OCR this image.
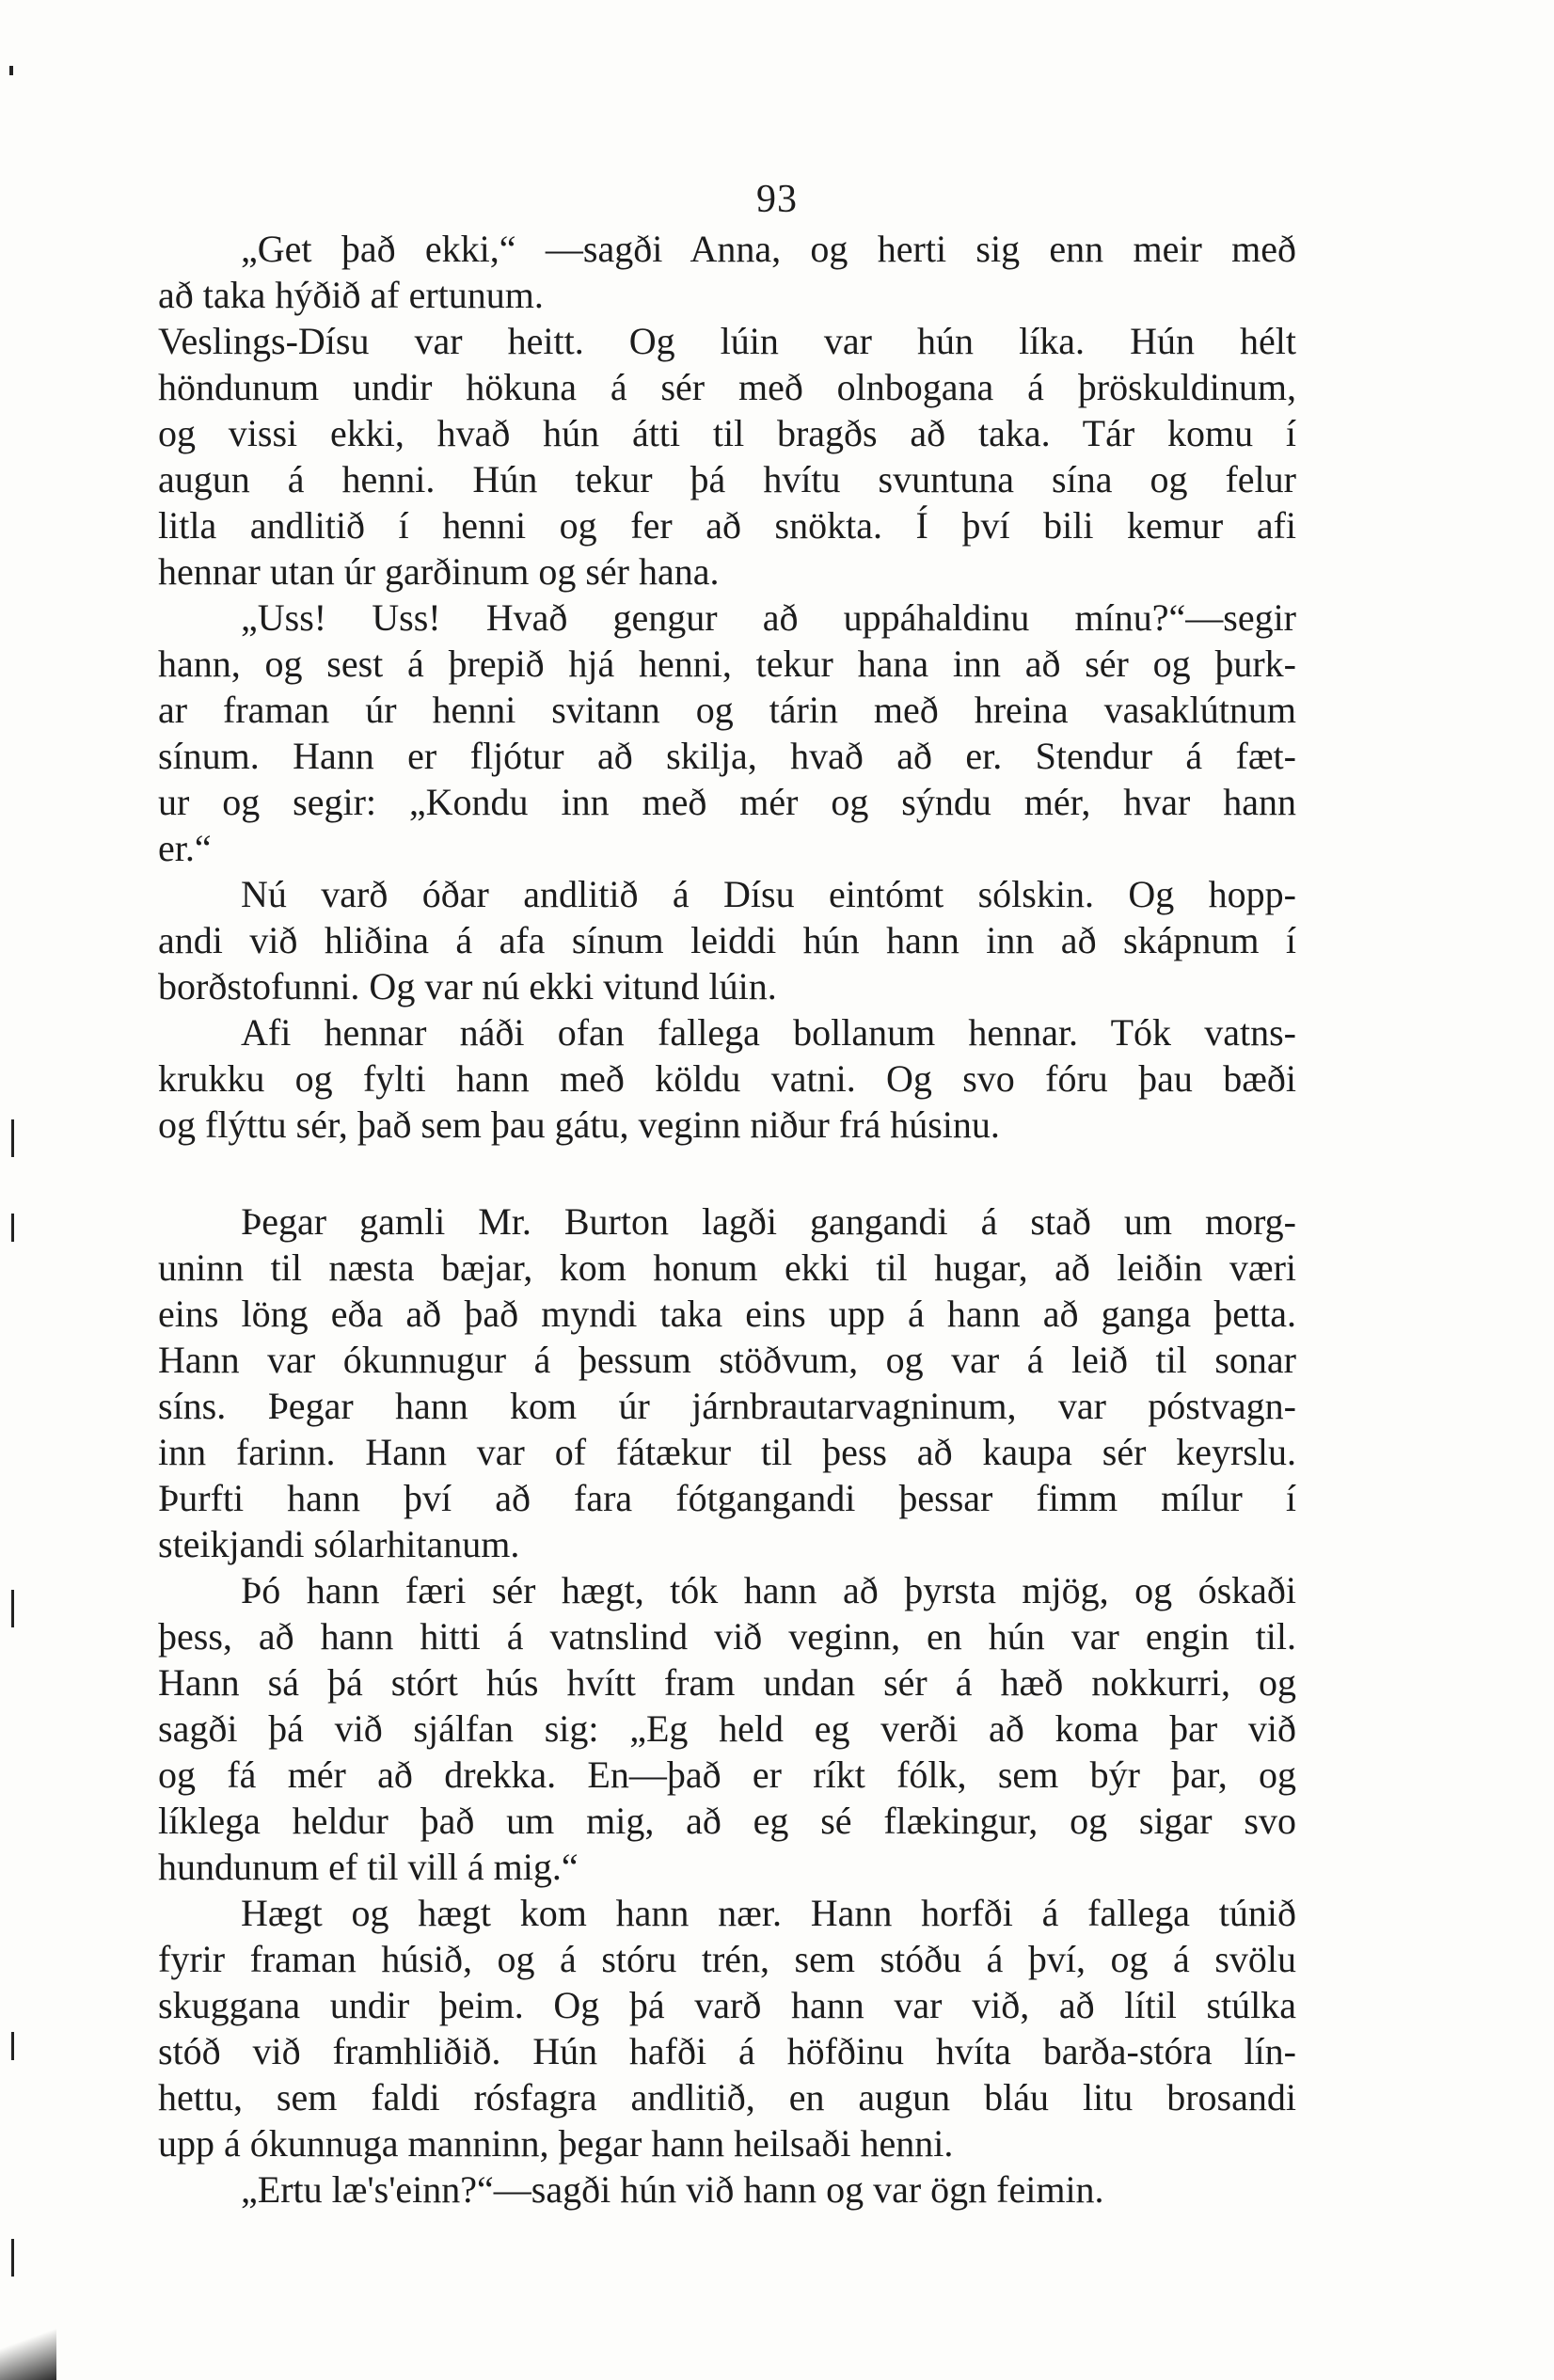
93

„Get það ekki,“ —sagði Anna, og herti sig enn meir með
að taka hýðið af ertunum.

Veslings-Dísu var heitt. Og lúin var hún líka. Hún hélt
höndunum undir hökuna á sér með olnbogana á þröskuldinum,
og vissi ekki, hvað hún átti til bragðs að taka. Tár komu í
augun á henni. Hún tekur þá hvítu svuntuna sína og felur
litla andlitið í henni og fer að snökta. Í því bili kemur afi
hennar utan úr garðinum og sér hana.

„Uss! Uss! Hvað gengur að uppáhaldinu mínu?“—segir
hann, og sest á þrepið hjá henni, tekur hana inn að sér og þurk-
ar framan úr henni svitann og tárin með hreina vasaklútnum
sínum. Hann er fljótur að skilja, hvað að er. Stendur á fæt-
ur og segir: „Kondu inn með mér og sýndu mér, hvar hann
er.“

Nú varð óðar andlitið á Dísu eintómt sólskin. Og hopp-
andi við hliðina á afa sínum leiddi hún hann inn að skápnum í
borðstofunni. Og var nú ekki vitund lúin.

Afi hennar náði ofan fallega bollanum hennar. Tók vatns-
krukku og fylti hann með köldu vatni. Og svo fóru þau bæði
og flýttu sér, það sem þau gátu, veginn niður frá húsinu.

Þegar gamli Mr. Burton lagði gangandi á stað um morg-
uninn til næsta bæjar, kom honum ekki til hugar, að leiðin væri
eins löng eða að það myndi taka eins upp á hann að ganga þetta.
Hann var ókunnugur á þessum stöðvum, og var á leið til sonar
síns. Þegar hann kom úr járnbrautarvagninum, var póstvagn-
inn farinn. Hann var of fátækur til þess að kaupa sér keyrslu.
Þurfti hann því að fara fótgangandi þessar fimm mílur í
steikjandi sólarhitanum.

Þó hann færi sér hægt, tók hann að þyrsta mjög, og óskaði
þess, að hann hitti á vatnslind við veginn, en hún var engin til.
Hann sá þá stórt hús hvítt fram undan sér á hæð nokkurri, og
sagði þá við sjálfan sig: „Eg held eg verði að koma þar við
og fá mér að drekka. En—það er ríkt fólk, sem býr þar, og
líklega heldur það um mig, að eg sé flækingur, og sigar svo
hundunum ef til vill á mig.“

Hægt og hægt kom hann nær. Hann horfði á fallega túnið
fyrir framan húsið, og á stóru trén, sem stóðu á því, og á svölu
skuggana undir þeim. Og þá varð hann var við, að lítil stúlka
stóð við framhliðið. Hún hafði á höfðinu hvíta barða-stóra lín-
hettu, sem faldi rósfagra andlitið, en augun bláu litu brosandi
upp á ókunnuga manninn, þegar hann heilsaði henni.

„Ertu læ's'einn?“—sagði hún við hann og var ögn feimin.
